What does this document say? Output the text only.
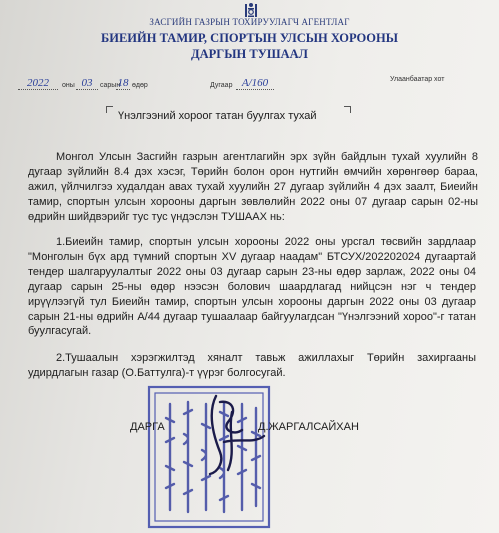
ЗАСГИЙН ГАЗРЫН ТОХИРУУЛАГЧ АГЕНТЛАГ
БИЕИЙН ТАМИР, СПОРТЫН УЛСЫН ХОРООНЫ
ДАРГЫН ТУШААЛ
2022	оны 03	сарын
18 өдөр	Дугаар А/160	Улаанбаатар хот
Үнэлгээний хороог татан буулгах тухай
Монгол Улсын Засгийн газрын агентлагийн эрх зүйн байдлын тухай хуулийн 8 дугаар зүйлийн 8.4 дэх хэсэг, Төрийн болон орон нутгийн өмчийн хөрөнгөөр бараа, ажил, үйлчилгээ худалдан авах тухай хуулийн 27 дугаар зүйлийн 4 дэх заалт, Биеийн тамир, спортын улсын хорооны даргын зөвлөлийн 2022 оны 07 дугаар сарын 02-ны өдрийн шийдвэрийг тус тус үндэслэн ТУШААХ нь:
1.Биеийн тамир, спортын улсын хорооны 2022 оны урсгал төсвийн зардлаар "Монголын бүх ард түмний спортын XV дугаар наадам" БТСУХ/202202024 дугаартай тендер шалгаруулалтыг 2022 оны 03 дугаар сарын 23-ны өдөр зарлаж, 2022 оны 04 дугаар сарын 25-ны өдөр нээсэн болович шаардлагад нийцсэн нэг ч тендер ирүүлээгүй тул Биеийн тамир, спортын улсын хорооны даргын 2022 оны 03 дугаар сарын 21-ны өдрийн А/44 дугаар тушаалаар байгуулагдсан "Үнэлгээний хороо"-г татан буулгасугай.
2.Тушаалын хэрэгжилтэд хяналт тавьж ажиллахыг Төрийн захиргааны удирдлагын газар (О.Баттулга)-т үүрэг болгосугай.
ДАРГА	Д.ЖАРГАЛСАЙХАН
